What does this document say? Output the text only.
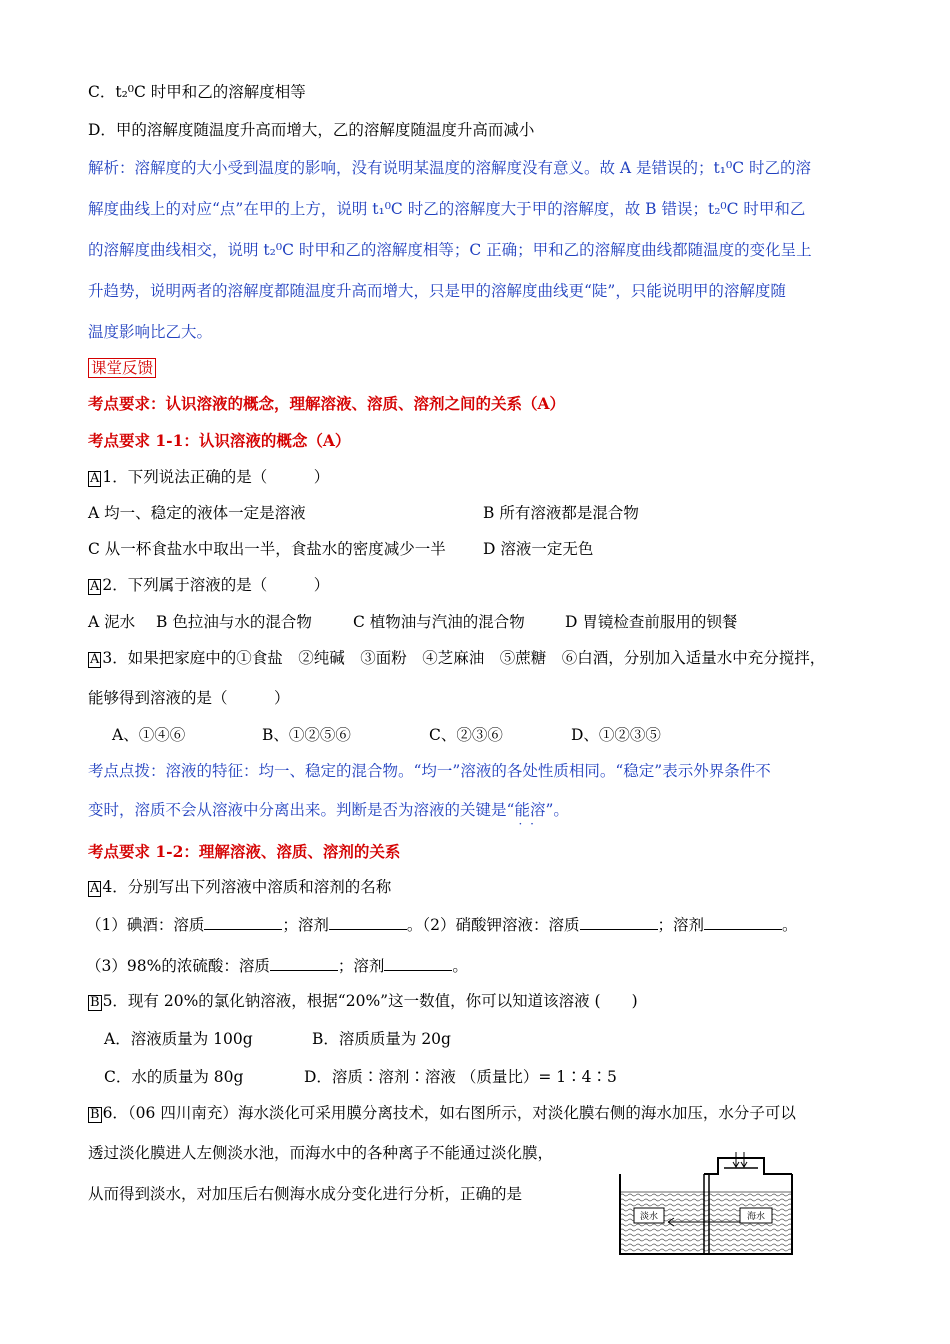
C．t₂⁰C 时甲和乙的溶解度相等
D．甲的溶解度随温度升高而增大，乙的溶解度随温度升高而减小
解析：溶解度的大小受到温度的影响，没有说明某温度的溶解度没有意义。故 A 是错误的；t₁⁰C 时乙的溶
解度曲线上的对应“点”在甲的上方，说明 t₁⁰C 时乙的溶解度大于甲的溶解度，故 B 错误；t₂⁰C 时甲和乙
的溶解度曲线相交，说明 t₂⁰C 时甲和乙的溶解度相等；C 正确；甲和乙的溶解度曲线都随温度的变化呈上
升趋势，说明两者的溶解度都随温度升高而增大，只是甲的溶解度曲线更“陡”，只能说明甲的溶解度随
温度影响比乙大。
课堂反馈
考点要求：认识溶液的概念，理解溶液、溶质、溶剂之间的关系（A）
考点要求 1-1：认识溶液的概念（A）
A 1．下列说法正确的是（　　　）
A 均一、稳定的液体一定是溶液	B 所有溶液都是混合物
C 从一杯食盐水中取出一半，食盐水的密度减少一半	D 溶液一定无色
A 2．下列属于溶液的是（　　　）
A 泥水	B 色拉油与水的混合物	C 植物油与汽油的混合物	D 胃镜检查前服用的钡餐
A 3．如果把家庭中的①食盐　②纯碱　③面粉　④芝麻油　⑤蔗糖　⑥白酒，分别加入适量水中充分搅拌，
能够得到溶液的是（　　　）
A、①④⑥	B、①②⑤⑥	C、②③⑥	D、①②③⑤
考点点拨：溶液的特征：均一、稳定的混合物。“均一”溶液的各处性质相同。“稳定”表示外界条件不
变时，溶质不会从溶液中分离出来。判断是否为溶液的关键是“能溶 · ·”。
考点要求 1-2：理解溶液、溶质、溶剂的关系
A 4．分别写出下列溶液中溶质和溶剂的名称
（1）碘酒：溶质	；溶剂	。（2）硝酸钾溶液：溶质	；溶剂	。
（3）98%的浓硫酸：溶质	；溶剂	。
B 5．现有 20%的氯化钠溶液，根据“20%”这一数值，你可以知道该溶液 (　　)
A．溶液质量为 100g	B．溶质质量为 20g
C．水的质量为 80g	D．溶质∶溶剂∶溶液 （质量比）= 1∶4∶5
B 6．（06 四川南充）海水淡化可采用膜分离技术，如右图所示，对淡化膜右侧的海水加压，水分子可以
透过淡化膜进人左侧淡水池，而海水中的各种离子不能通过淡化膜，
从而得到淡水，对加压后右侧海水成分变化进行分析，正确的是
淡水	海水
